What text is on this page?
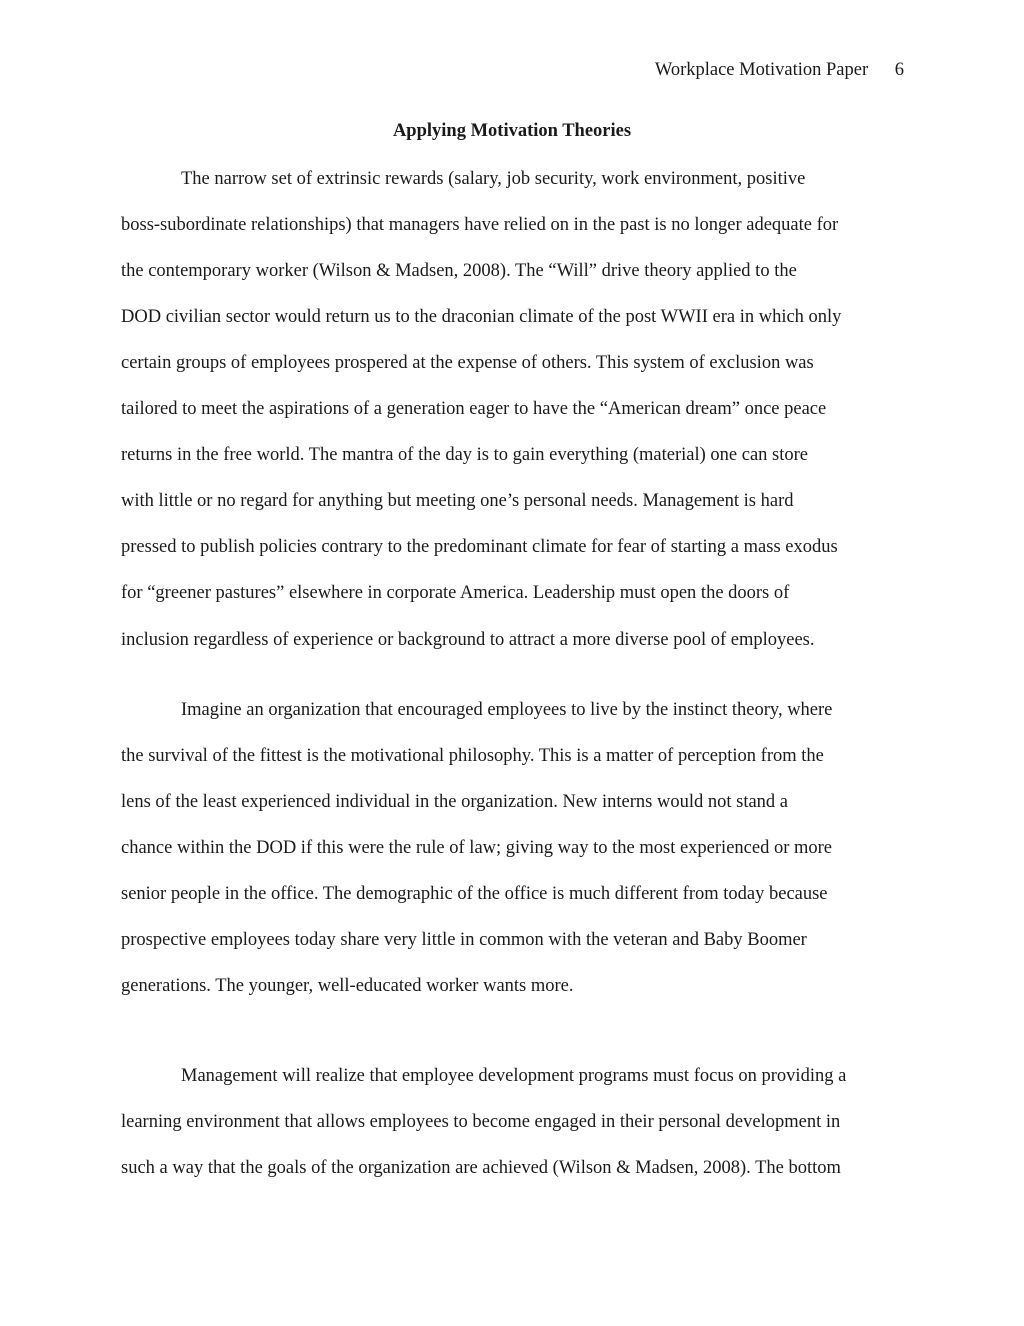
Workplace Motivation Paper 6
Applying Motivation Theories
The narrow set of extrinsic rewards (salary, job security, work environment, positive
boss-subordinate relationships) that managers have relied on in the past is no longer adequate for
the contemporary worker (Wilson & Madsen, 2008). The “Will” drive theory applied to the
DOD civilian sector would return us to the draconian climate of the post WWII era in which only
certain groups of employees prospered at the expense of others. This system of exclusion was
tailored to meet the aspirations of a generation eager to have the “American dream” once peace
returns in the free world. The mantra of the day is to gain everything (material) one can store
with little or no regard for anything but meeting one’s personal needs. Management is hard
pressed to publish policies contrary to the predominant climate for fear of starting a mass exodus
for “greener pastures” elsewhere in corporate America. Leadership must open the doors of
inclusion regardless of experience or background to attract a more diverse pool of employees.
Imagine an organization that encouraged employees to live by the instinct theory, where
the survival of the fittest is the motivational philosophy. This is a matter of perception from the
lens of the least experienced individual in the organization. New interns would not stand a
chance within the DOD if this were the rule of law; giving way to the most experienced or more
senior people in the office. The demographic of the office is much different from today because
prospective employees today share very little in common with the veteran and Baby Boomer
generations. The younger, well-educated worker wants more.
Management will realize that employee development programs must focus on providing a
learning environment that allows employees to become engaged in their personal development in
such a way that the goals of the organization are achieved (Wilson & Madsen, 2008). The bottom
